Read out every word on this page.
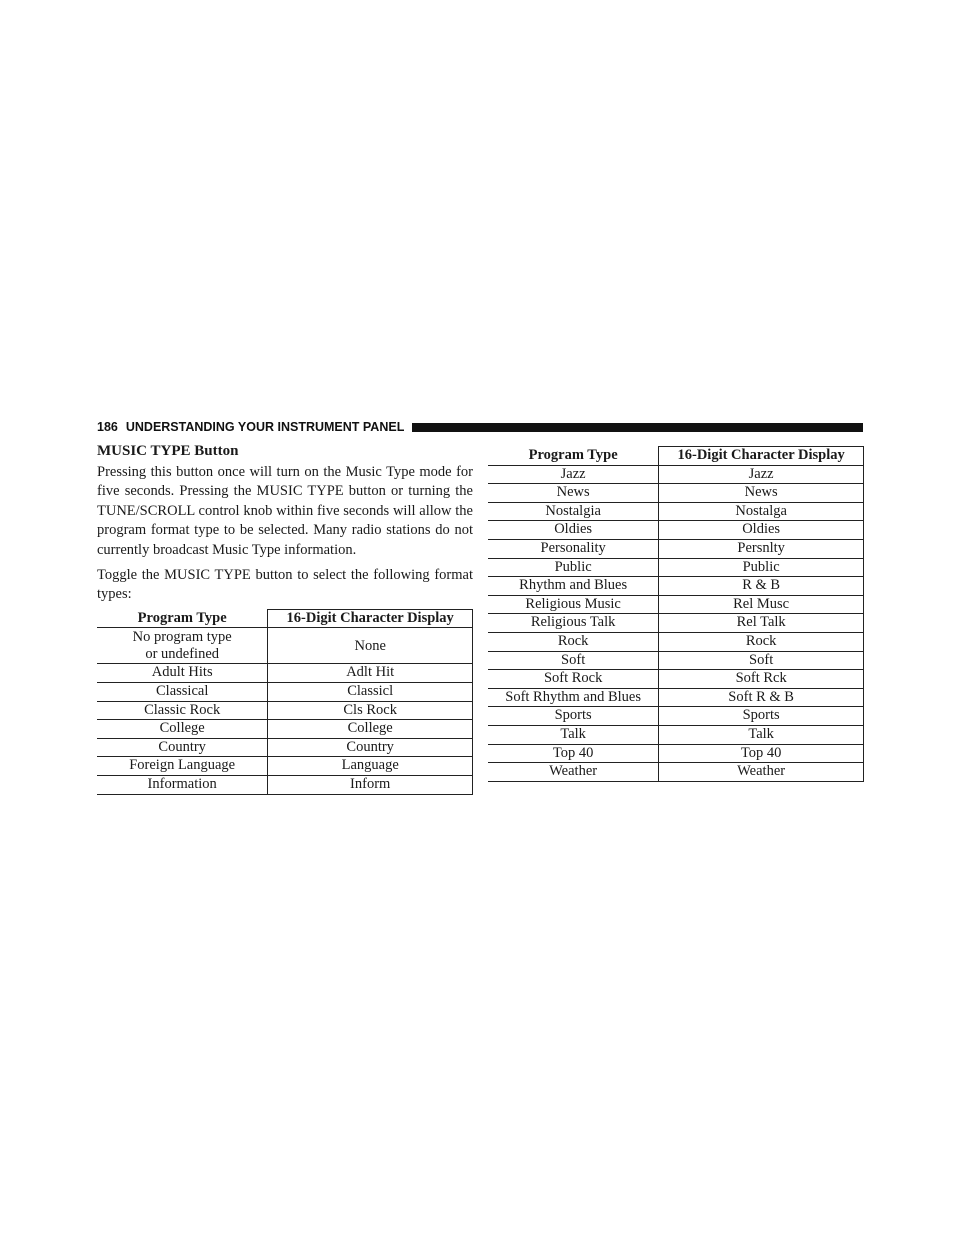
186 UNDERSTANDING YOUR INSTRUMENT PANEL
MUSIC TYPE Button

Pressing this button once will turn on the Music Type mode for five seconds. Pressing the MUSIC TYPE button or turning the TUNE/SCROLL control knob within five seconds will allow the program format type to be selected. Many radio stations do not currently broadcast Music Type information.

Toggle the MUSIC TYPE button to select the following format types:

Program Type	16-Digit Character Display
No program type or undefined	None
Adult Hits	Adlt Hit
Classical	Classicl
Classic Rock	Cls Rock
College	College
Country	Country
Foreign Language	Language
Information	Inform
Program Type	16-Digit Character Display
Jazz	Jazz
News	News
Nostalgia	Nostalga
Oldies	Oldies
Personality	Persnlty
Public	Public
Rhythm and Blues	R & B
Religious Music	Rel Musc
Religious Talk	Rel Talk
Rock	Rock
Soft	Soft
Soft Rock	Soft Rck
Soft Rhythm and Blues	Soft R & B
Sports	Sports
Talk	Talk
Top 40	Top 40
Weather	Weather
